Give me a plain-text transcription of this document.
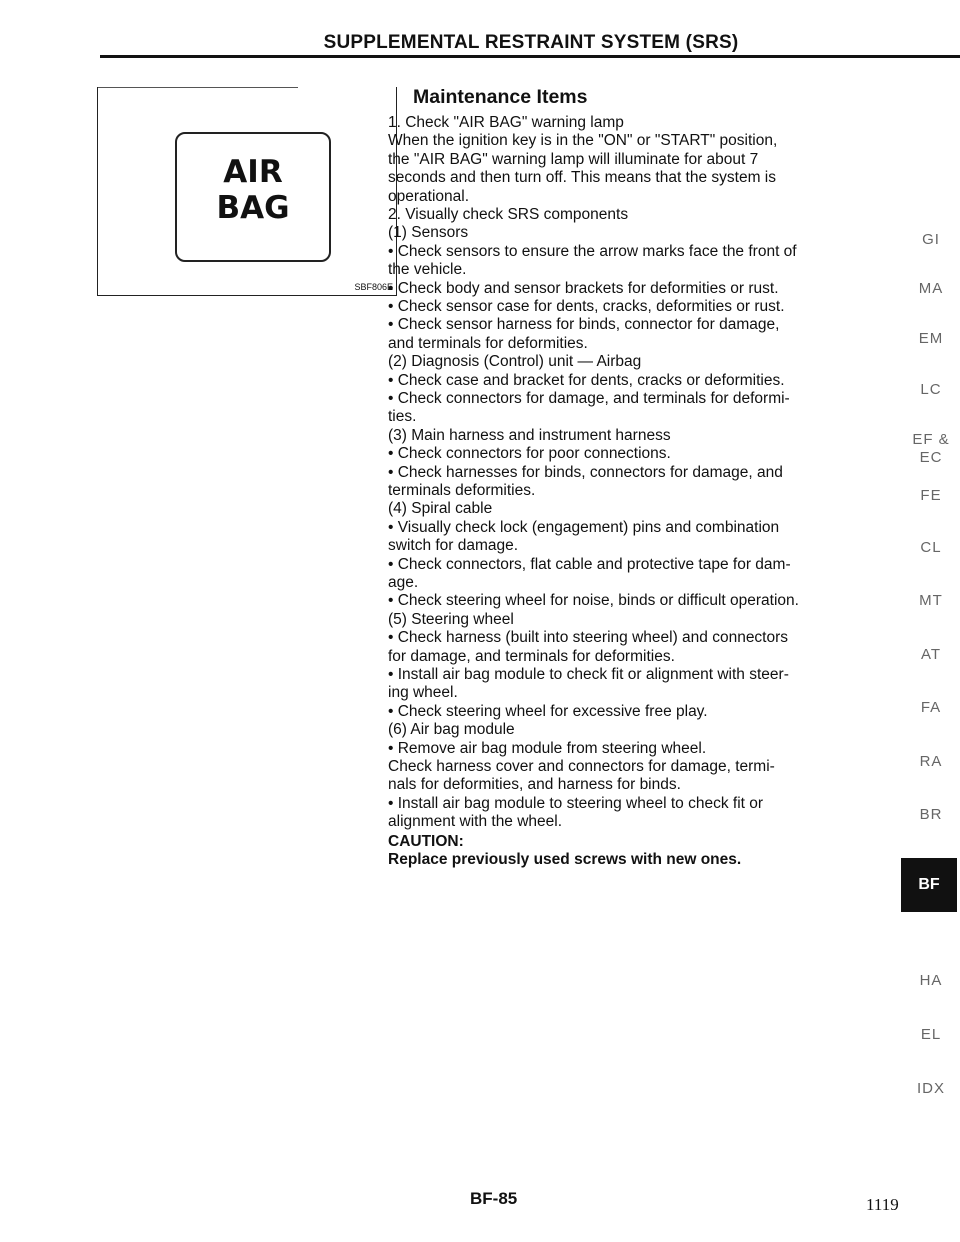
SUPPLEMENTAL RESTRAINT SYSTEM (SRS)
AIR
BAG
SBF806E
Maintenance Items
1. Check "AIR BAG" warning lamp
When the ignition key is in the "ON" or "START" position,
the "AIR BAG" warning lamp will illuminate for about 7
seconds and then turn off. This means that the system is
operational.
2. Visually check SRS components
(1) Sensors
• Check sensors to ensure the arrow marks face the front of
the vehicle.
• Check body and sensor brackets for deformities or rust.
• Check sensor case for dents, cracks, deformities or rust.
• Check sensor harness for binds, connector for damage,
and terminals for deformities.
(2) Diagnosis (Control) unit — Airbag
• Check case and bracket for dents, cracks or deformities.
• Check connectors for damage, and terminals for deformi-
ties.
(3) Main harness and instrument harness
• Check connectors for poor connections.
• Check harnesses for binds, connectors for damage, and
terminals deformities.
(4) Spiral cable
• Visually check lock (engagement) pins and combination
switch for damage.
• Check connectors, flat cable and protective tape for dam-
age.
• Check steering wheel for noise, binds or difficult operation.
(5) Steering wheel
• Check harness (built into steering wheel) and connectors
for damage, and terminals for deformities.
• Install air bag module to check fit or alignment with steer-
ing wheel.
• Check steering wheel for excessive free play.
(6) Air bag module
• Remove air bag module from steering wheel.
Check harness cover and connectors for damage, termi-
nals for deformities, and harness for binds.
• Install air bag module to steering wheel to check fit or
alignment with the wheel.
CAUTION:
Replace previously used screws with new ones.
GI
MA
EM
LC
EF &
EC
FE
CL
MT
AT
FA
RA
BR
BF
HA
EL
IDX
BF-85	1119
